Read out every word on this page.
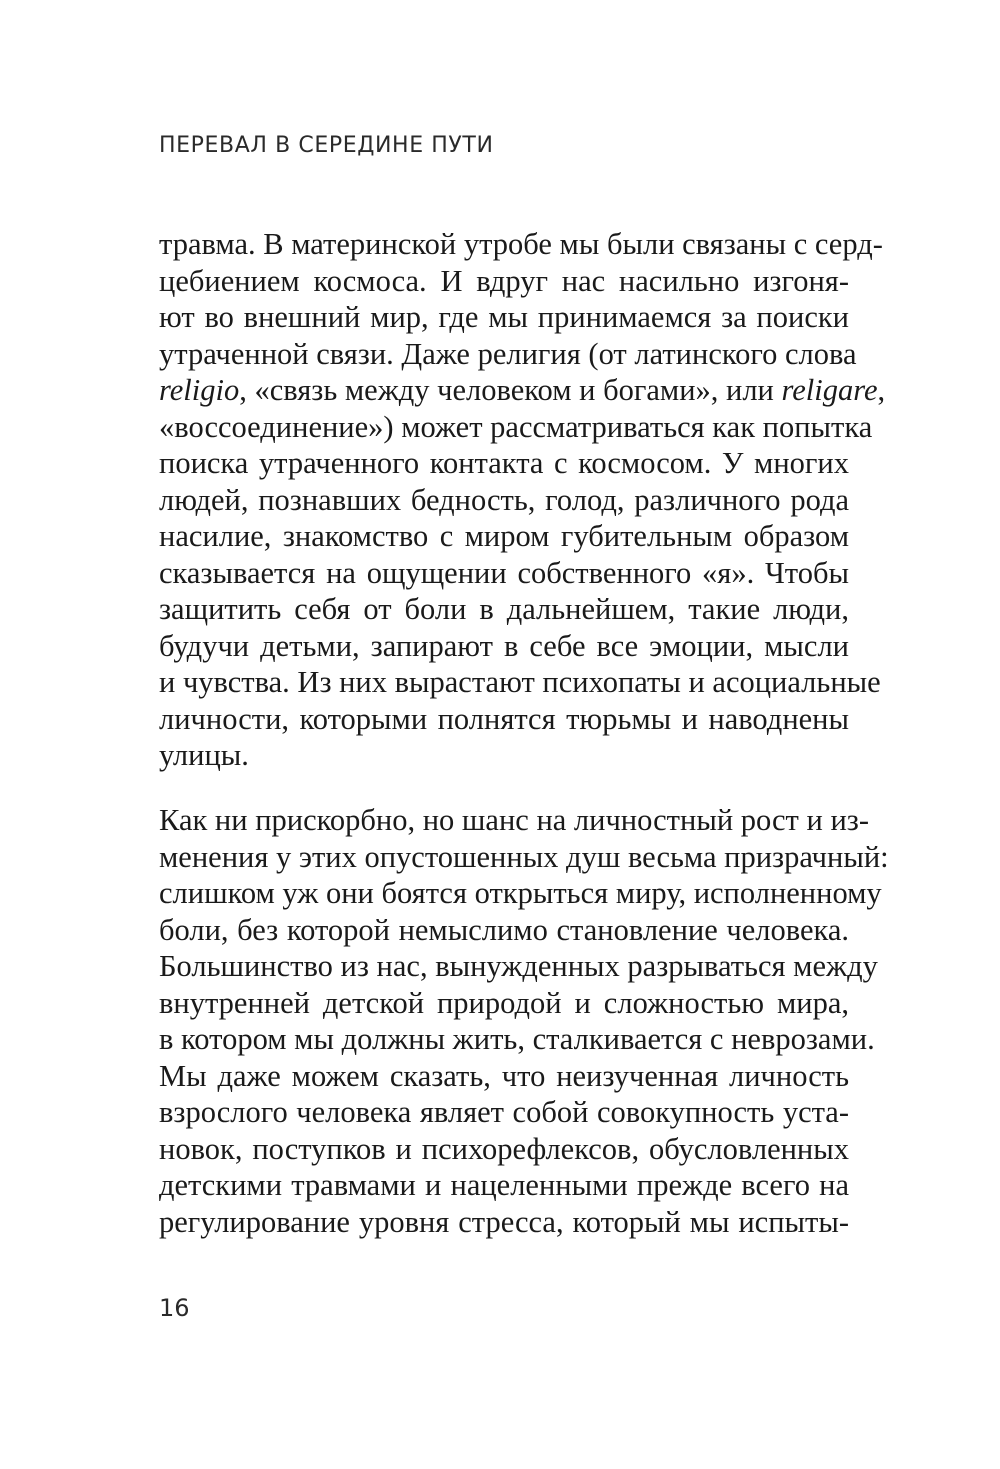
ПЕРЕВАЛ В СЕРЕДИНЕ ПУТИ
травма. В материнской утробе мы были связаны с серд-
цебиением космоса. И вдруг нас насильно изгоня-
ют во внешний мир, где мы принимаемся за поиски
утраченной связи. Даже религия (от латинского слова
religio, «связь между человеком и богами», или religare,
«воссоединение») может рассматриваться как попытка
поиска утраченного контакта с космосом. У многих
людей, познавших бедность, голод, различного рода
насилие, знакомство с миром губительным образом
сказывается на ощущении собственного «я». Чтобы
защитить себя от боли в дальнейшем, такие люди,
будучи детьми, запирают в себе все эмоции, мысли
и чувства. Из них вырастают психопаты и асоциальные
личности, которыми полнятся тюрьмы и наводнены
улицы.
Как ни прискорбно, но шанс на личностный рост и из-
менения у этих опустошенных душ весьма призрачный:
слишком уж они боятся открыться миру, исполненному
боли, без которой немыслимо становление человека.
Большинство из нас, вынужденных разрываться между
внутренней детской природой и сложностью мира,
в котором мы должны жить, сталкивается с неврозами.
Мы даже можем сказать, что неизученная личность
взрослого человека являет собой совокупность уста-
новок, поступков и психорефлексов, обусловленных
детскими травмами и нацеленными прежде всего на
регулирование уровня стресса, который мы испыты-
16
